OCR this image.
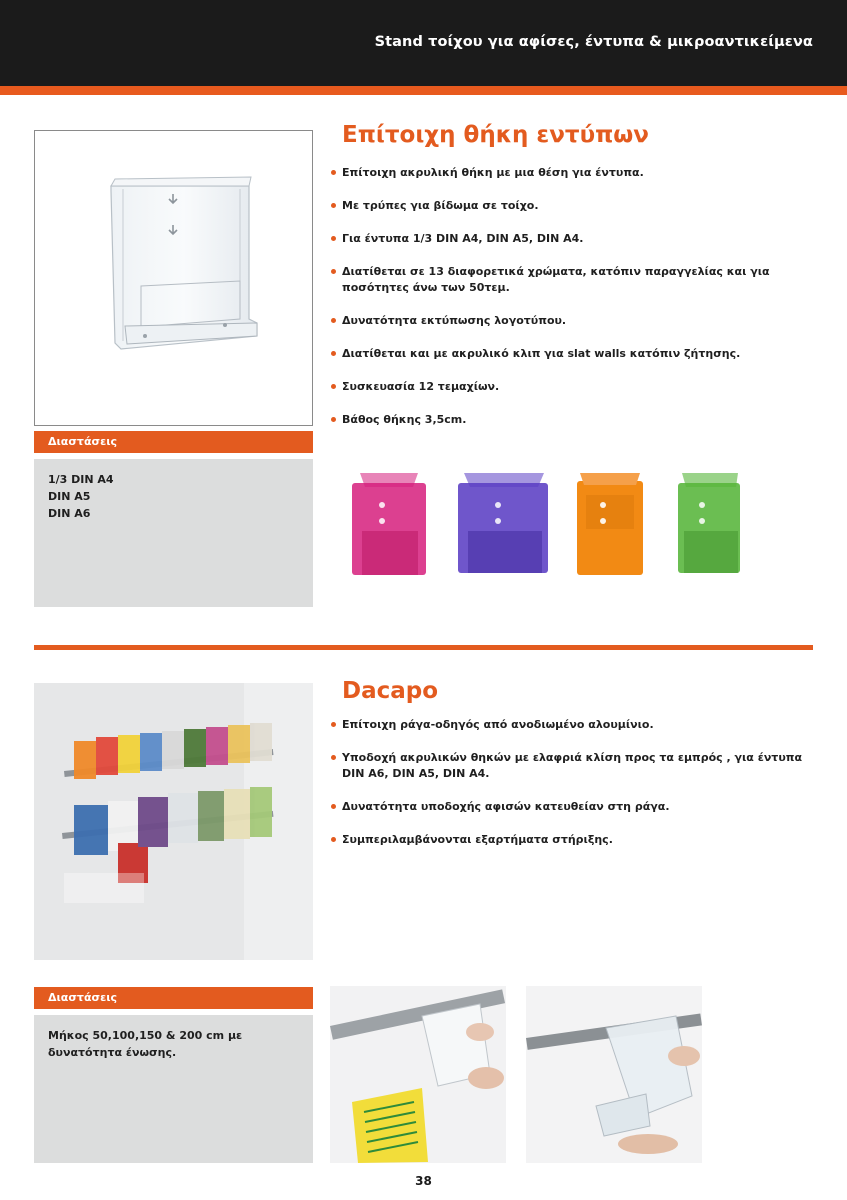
Stand τοίχου για αφίσες, έντυπα & μικροαντικείμενα
Διαστάσεις
1/3 DIN A4
DIN A5
DIN A6
Επίτοιχη θήκη εντύπων
Επίτοιχη ακρυλική θήκη με μια θέση για έντυπα.
Με τρύπες για βίδωμα σε τοίχο.
Για έντυπα 1/3 DIN A4, DIN A5, DIN A4.
Διατίθεται σε 13 διαφορετικά χρώματα, κατόπιν παραγγελίας και για ποσότητες άνω των 50τεμ.
Δυνατότητα εκτύπωσης λογοτύπου.
Διατίθεται και με ακρυλικό κλιπ για slat walls κατόπιν ζήτησης.
Συσκευασία 12 τεμαχίων.
Βάθος θήκης 3,5cm.
Dacapo
Επίτοιχη ράγα-οδηγός από ανοδιωμένο αλουμίνιο.
Υποδοχή ακρυλικών θηκών με ελαφριά κλίση προς τα εμπρός , για έντυπα DIN A6, DIN A5, DIN A4.
Δυνατότητα υποδοχής αφισών κατευθείαν στη ράγα.
Συμπεριλαμβάνονται εξαρτήματα στήριξης.
Διαστάσεις
Μήκος 50,100,150 & 200 cm με δυνατότητα ένωσης.
38
